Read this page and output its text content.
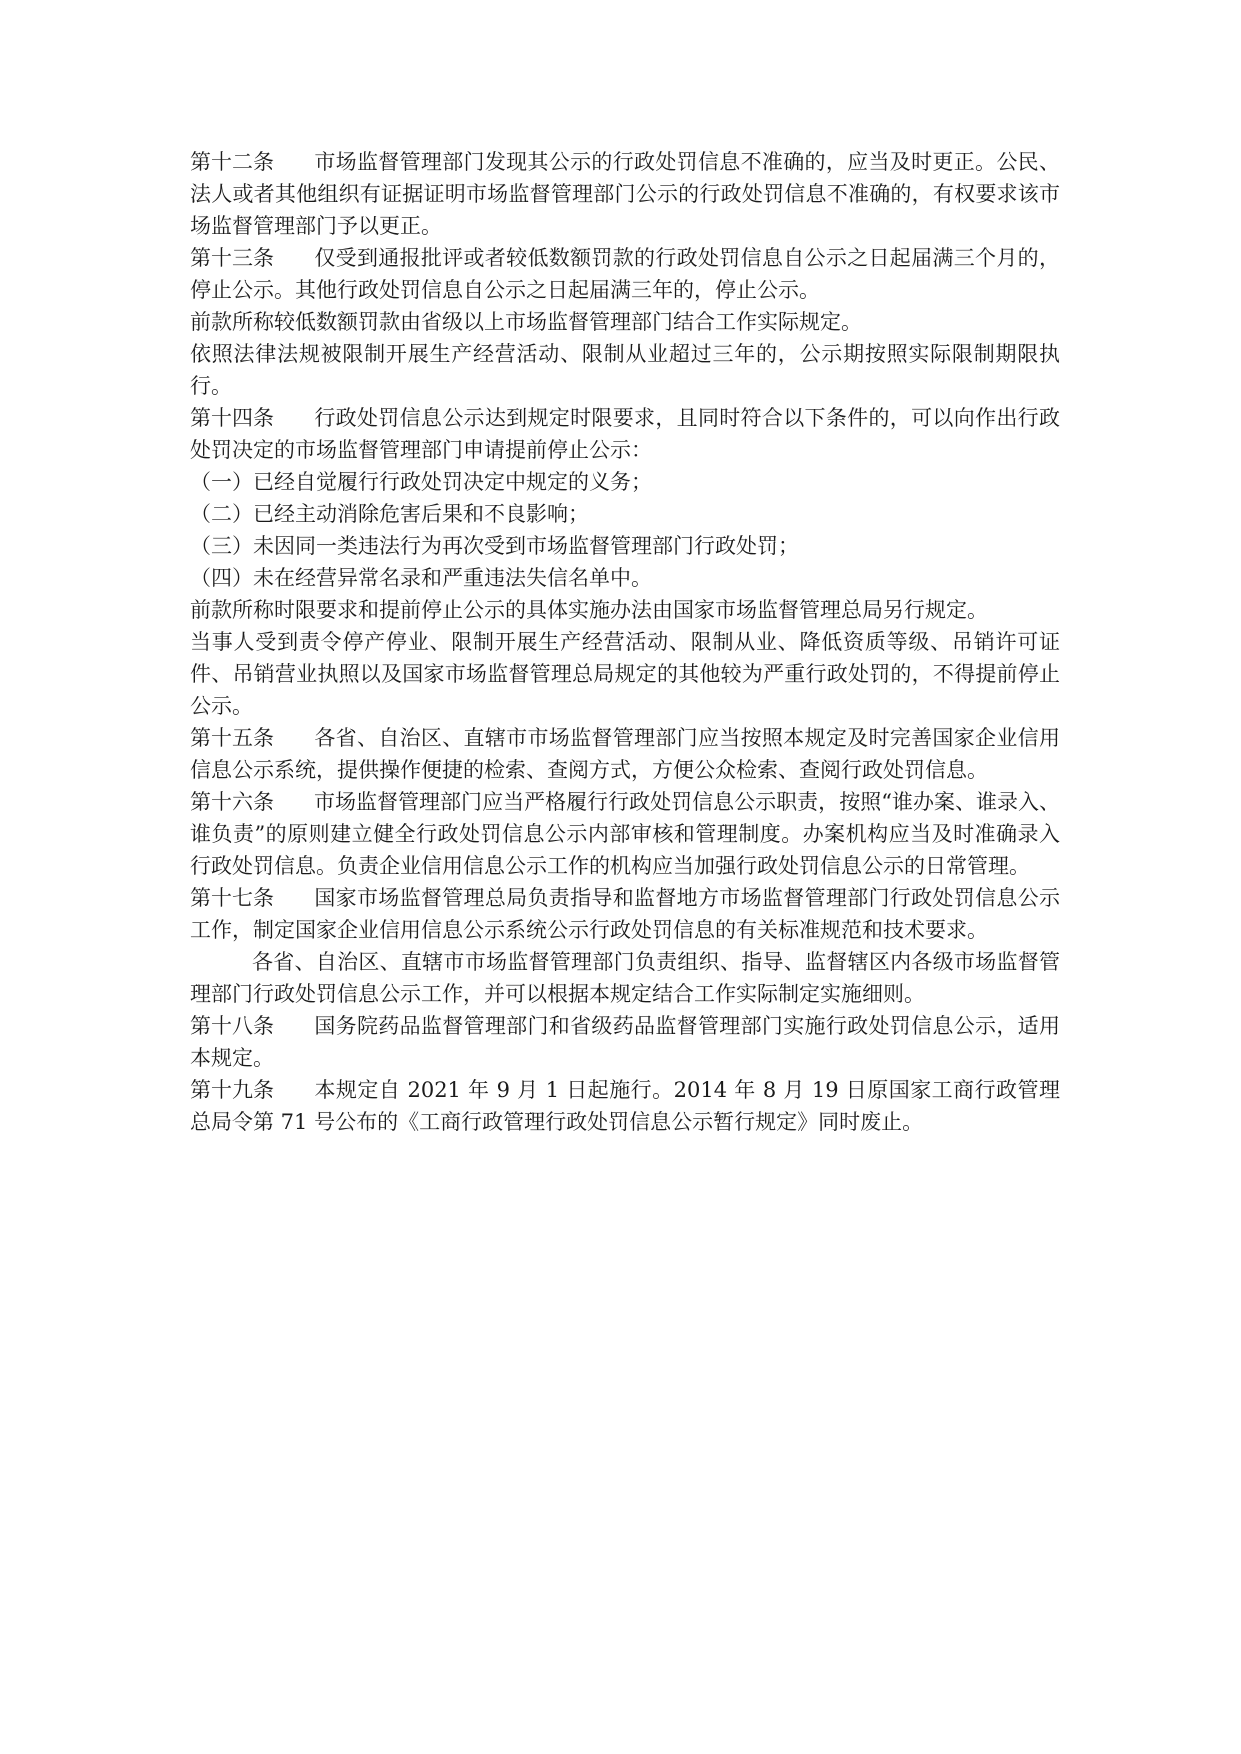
第十二条 市场监督管理部门发现其公示的行政处罚信息不准确的，应当及时更正。公民、法人或者其他组织有证据证明市场监督管理部门公示的行政处罚信息不准确的，有权要求该市场监督管理部门予以更正。

第十三条 仅受到通报批评或者较低数额罚款的行政处罚信息自公示之日起届满三个月的，停止公示。其他行政处罚信息自公示之日起届满三年的，停止公示。

前款所称较低数额罚款由省级以上市场监督管理部门结合工作实际规定。

依照法律法规被限制开展生产经营活动、限制从业超过三年的，公示期按照实际限制期限执行。

第十四条 行政处罚信息公示达到规定时限要求，且同时符合以下条件的，可以向作出行政处罚决定的市场监督管理部门申请提前停止公示：

（一）已经自觉履行行政处罚决定中规定的义务；

（二）已经主动消除危害后果和不良影响；

（三）未因同一类违法行为再次受到市场监督管理部门行政处罚；

（四）未在经营异常名录和严重违法失信名单中。

前款所称时限要求和提前停止公示的具体实施办法由国家市场监督管理总局另行规定。

当事人受到责令停产停业、限制开展生产经营活动、限制从业、降低资质等级、吊销许可证件、吊销营业执照以及国家市场监督管理总局规定的其他较为严重行政处罚的，不得提前停止公示。

第十五条 各省、自治区、直辖市市场监督管理部门应当按照本规定及时完善国家企业信用信息公示系统，提供操作便捷的检索、查阅方式，方便公众检索、查阅行政处罚信息。

第十六条 市场监督管理部门应当严格履行行政处罚信息公示职责，按照“谁办案、谁录入、谁负责”的原则建立健全行政处罚信息公示内部审核和管理制度。办案机构应当及时准确录入行政处罚信息。负责企业信用信息公示工作的机构应当加强行政处罚信息公示的日常管理。

第十七条 国家市场监督管理总局负责指导和监督地方市场监督管理部门行政处罚信息公示工作，制定国家企业信用信息公示系统公示行政处罚信息的有关标准规范和技术要求。

各省、自治区、直辖市市场监督管理部门负责组织、指导、监督辖区内各级市场监督管理部门行政处罚信息公示工作，并可以根据本规定结合工作实际制定实施细则。

第十八条 国务院药品监督管理部门和省级药品监督管理部门实施行政处罚信息公示，适用本规定。

第十九条 本规定自 2021 年 9 月 1 日起施行。2014 年 8 月 19 日原国家工商行政管理总局令第 71 号公布的《工商行政管理行政处罚信息公示暂行规定》同时废止。
